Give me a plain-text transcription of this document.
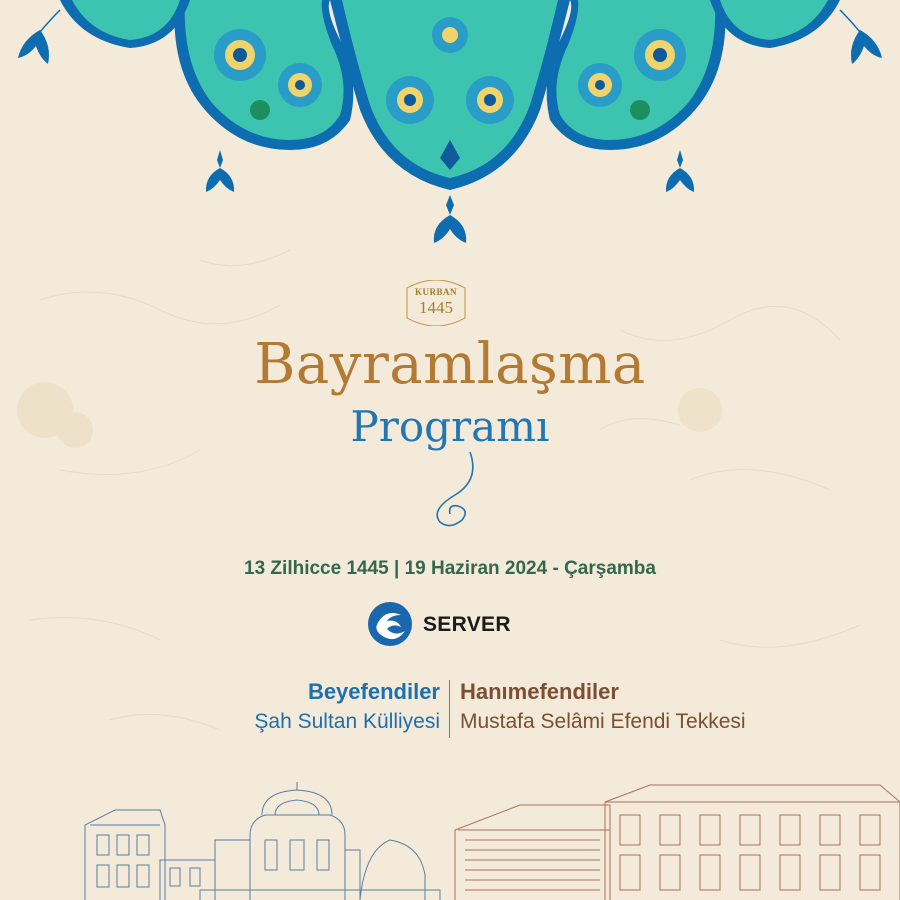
KURBAN
1445
Bayramlaşma
Programı
13 Zilhicce 1445 | 19 Haziran 2024 - Çarşamba
SERVER
Beyefendiler
Şah Sultan Külliyesi
Hanımefendiler
Mustafa Selâmi Efendi Tekkesi
